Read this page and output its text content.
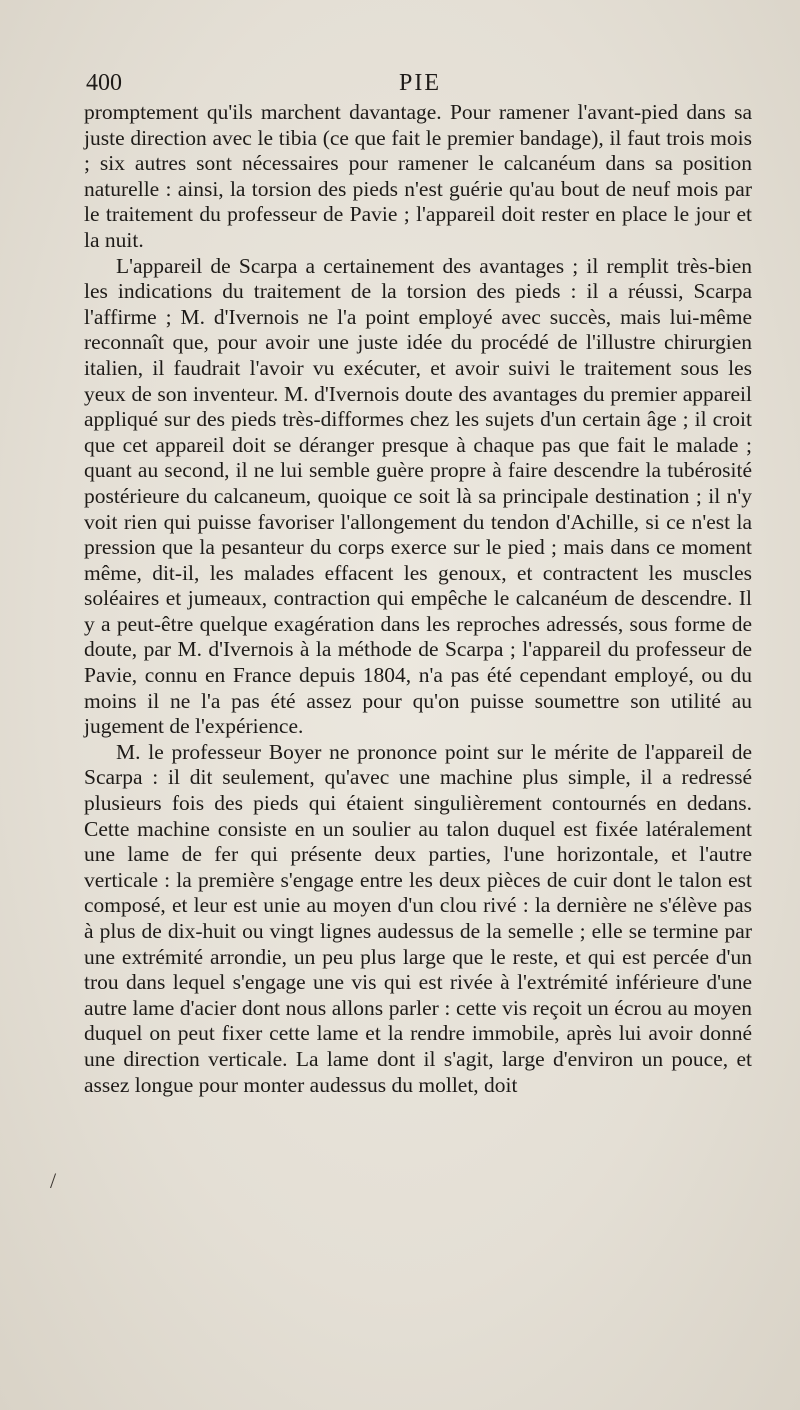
400	PIE

promptement qu'ils marchent davantage. Pour ramener l'avant-pied dans sa juste direction avec le tibia (ce que fait le premier bandage), il faut trois mois ; six autres sont nécessaires pour ramener le calcanéum dans sa position naturelle : ainsi, la torsion des pieds n'est guérie qu'au bout de neuf mois par le traitement du professeur de Pavie ; l'appareil doit rester en place le jour et la nuit.

L'appareil de Scarpa a certainement des avantages ; il remplit très-bien les indications du traitement de la torsion des pieds : il a réussi, Scarpa l'affirme ; M. d'Ivernois ne l'a point employé avec succès, mais lui-même reconnaît que, pour avoir une juste idée du procédé de l'illustre chirurgien italien, il faudrait l'avoir vu exécuter, et avoir suivi le traitement sous les yeux de son inventeur. M. d'Ivernois doute des avantages du premier appareil appliqué sur des pieds très-difformes chez les sujets d'un certain âge ; il croit que cet appareil doit se déranger presque à chaque pas que fait le malade ; quant au second, il ne lui semble guère propre à faire descendre la tubérosité postérieure du calcaneum, quoique ce soit là sa principale destination ; il n'y voit rien qui puisse favoriser l'allongement du tendon d'Achille, si ce n'est la pression que la pesanteur du corps exerce sur le pied ; mais dans ce moment même, dit-il, les malades effacent les genoux, et contractent les muscles soléaires et jumeaux, contraction qui empêche le calcanéum de descendre. Il y a peut-être quelque exagération dans les reproches adressés, sous forme de doute, par M. d'Ivernois à la méthode de Scarpa ; l'appareil du professeur de Pavie, connu en France depuis 1804, n'a pas été cependant employé, ou du moins il ne l'a pas été assez pour qu'on puisse soumettre son utilité au jugement de l'expérience.

M. le professeur Boyer ne prononce point sur le mérite de l'appareil de Scarpa : il dit seulement, qu'avec une machine plus simple, il a redressé plusieurs fois des pieds qui étaient singulièrement contournés en dedans. Cette machine consiste en un soulier au talon duquel est fixée latéralement une lame de fer qui présente deux parties, l'une horizontale, et l'autre verticale : la première s'engage entre les deux pièces de cuir dont le talon est composé, et leur est unie au moyen d'un clou rivé : la dernière ne s'élève pas à plus de dix-huit ou vingt lignes audessus de la semelle ; elle se termine par une extrémité arrondie, un peu plus large que le reste, et qui est percée d'un trou dans lequel s'engage une vis qui est rivée à l'extrémité inférieure d'une autre lame d'acier dont nous allons parler : cette vis reçoit un écrou au moyen duquel on peut fixer cette lame et la rendre immobile, après lui avoir donné une direction verticale. La lame dont il s'agit, large d'environ un pouce, et assez longue pour monter audessus du mollet, doit

/
